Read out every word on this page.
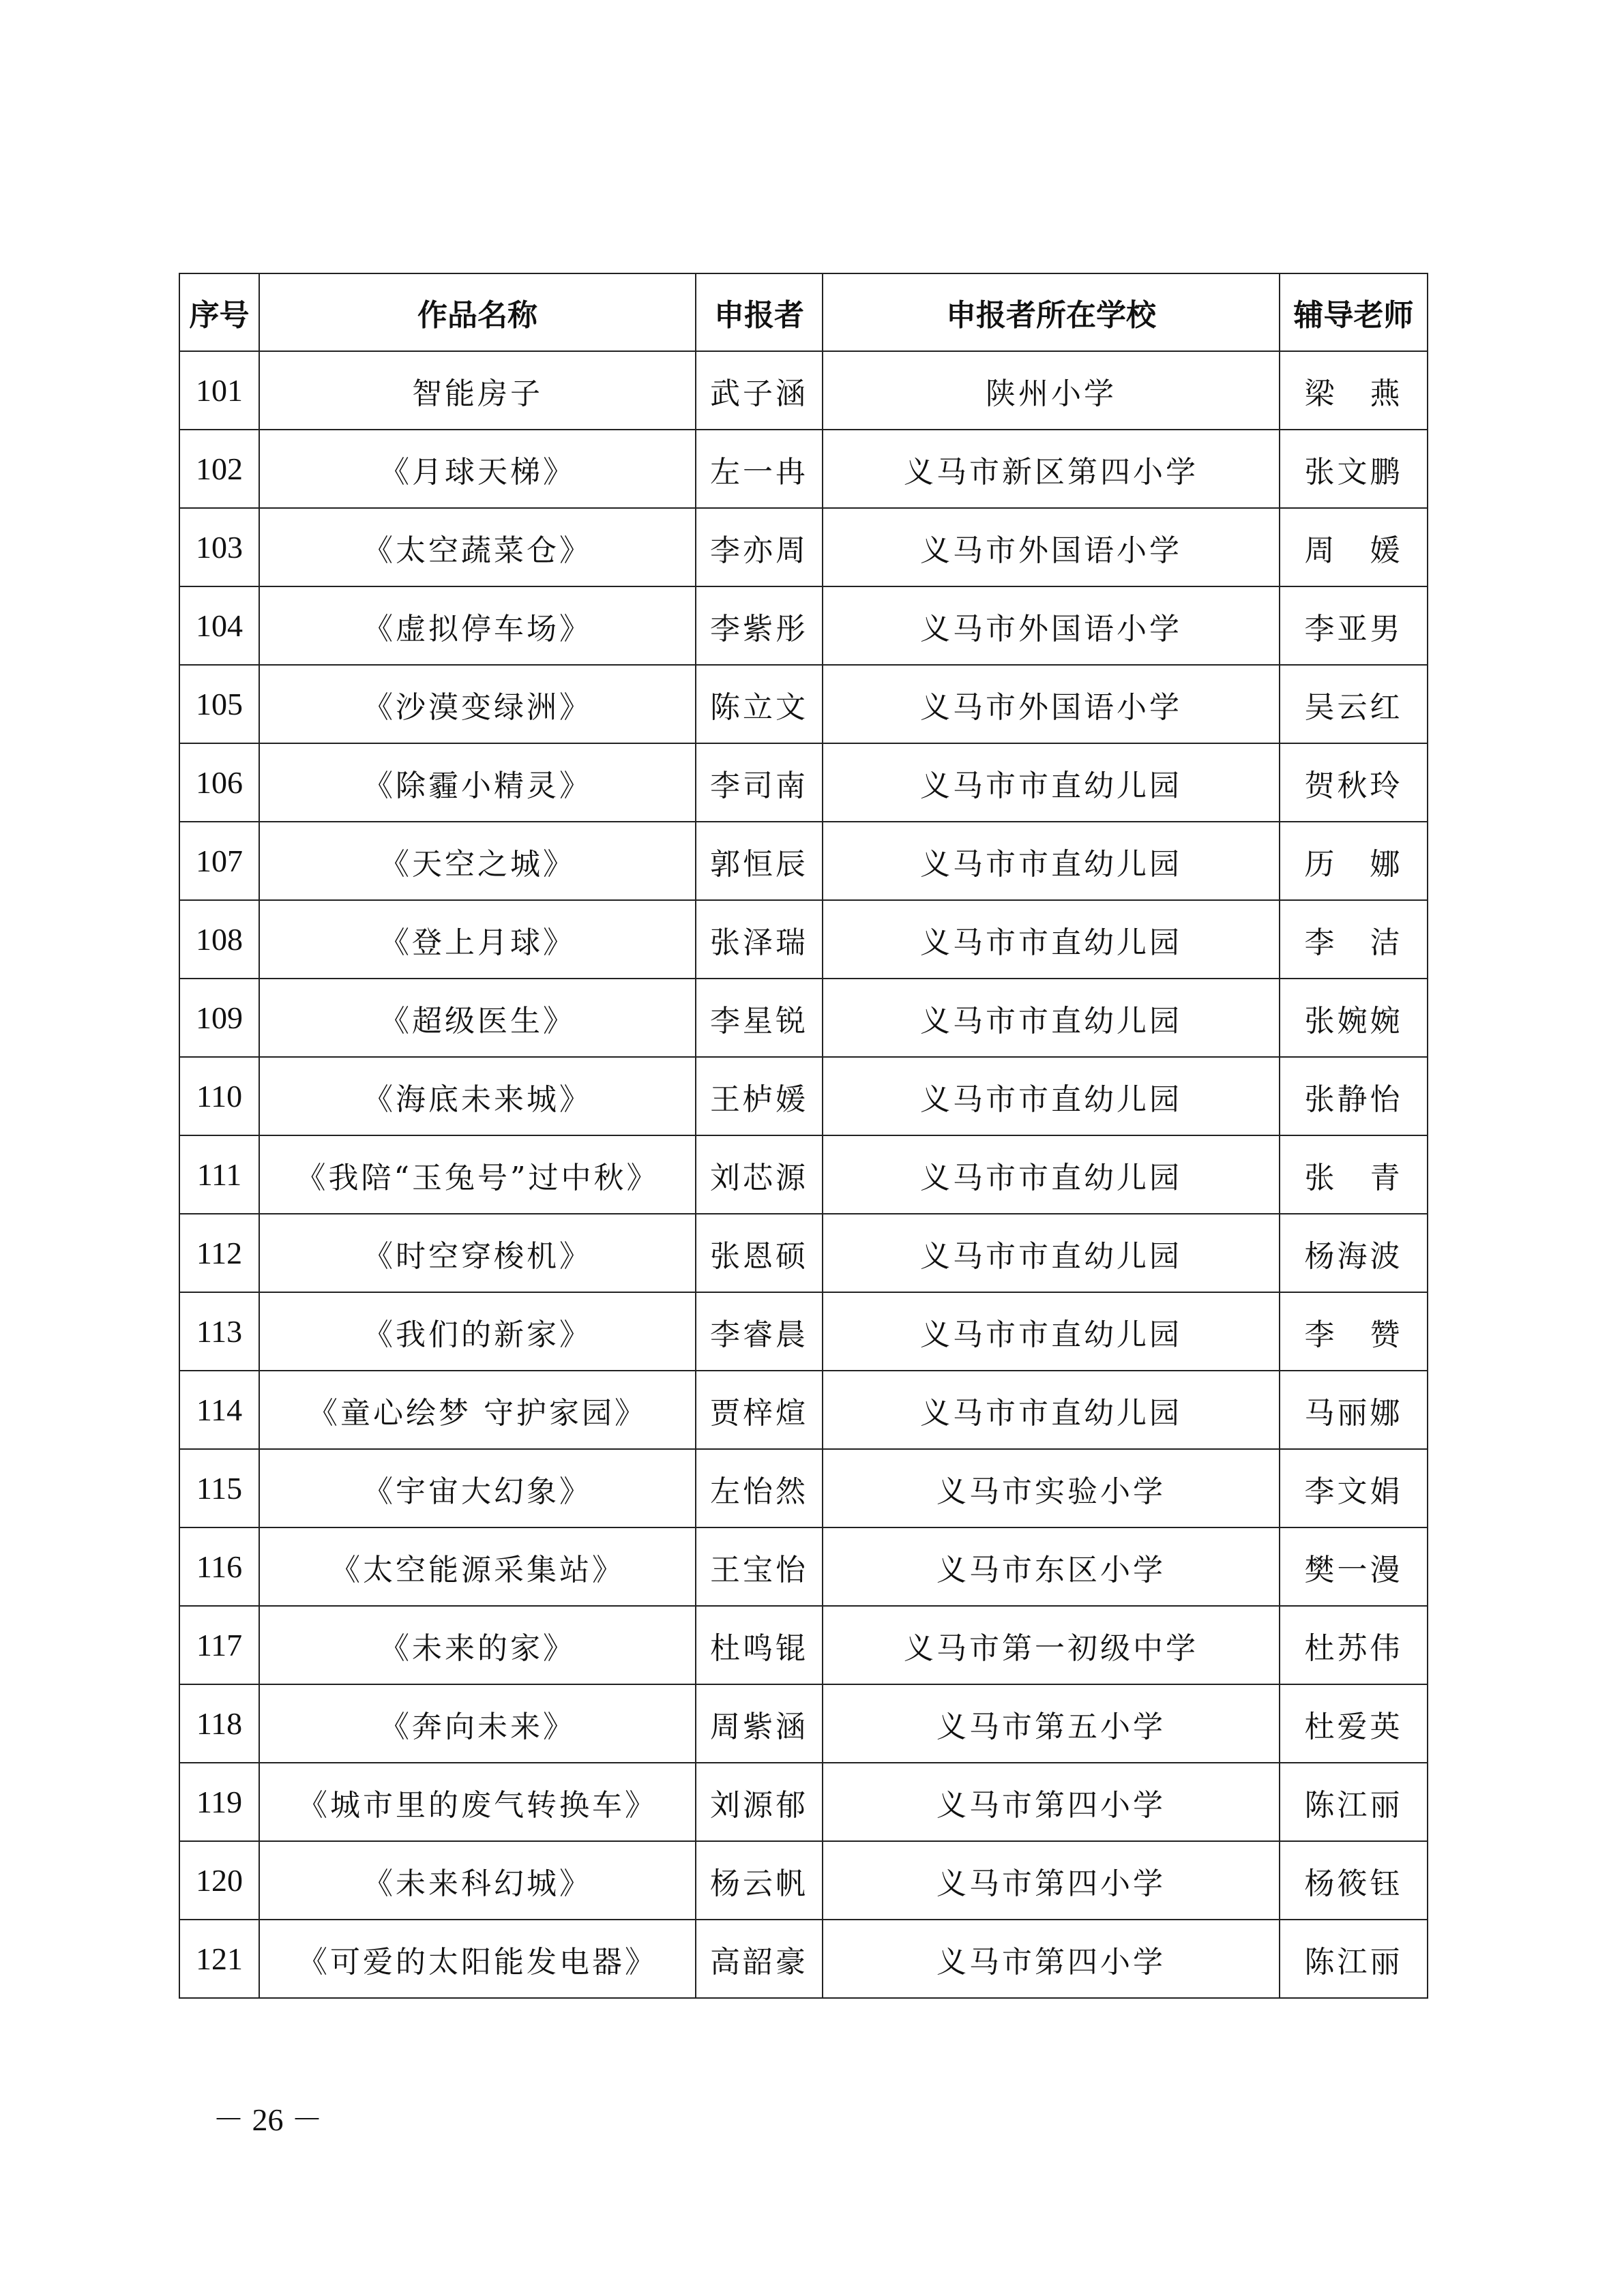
序号	作品名称	申报者	申报者所在学校	辅导老师
101	智能房子	武子涵	陕州小学	梁　燕
102	《月球天梯》	左一冉	义马市新区第四小学	张文鹏
103	《太空蔬菜仓》	李亦周	义马市外国语小学	周　媛
104	《虚拟停车场》	李紫彤	义马市外国语小学	李亚男
105	《沙漠变绿洲》	陈立文	义马市外国语小学	吴云红
106	《除霾小精灵》	李司南	义马市市直幼儿园	贺秋玲
107	《天空之城》	郭恒辰	义马市市直幼儿园	历　娜
108	《登上月球》	张泽瑞	义马市市直幼儿园	李　洁
109	《超级医生》	李星锐	义马市市直幼儿园	张婉婉
110	《海底未来城》	王栌媛	义马市市直幼儿园	张静怡
111	《我陪“玉兔号”过中秋》	刘芯源	义马市市直幼儿园	张　青
112	《时空穿梭机》	张恩硕	义马市市直幼儿园	杨海波
113	《我们的新家》	李睿晨	义马市市直幼儿园	李　赞
114	《童心绘梦 守护家园》	贾梓煊	义马市市直幼儿园	马丽娜
115	《宇宙大幻象》	左怡然	义马市实验小学	李文娟
116	《太空能源采集站》	王宝怡	义马市东区小学	樊一漫
117	《未来的家》	杜鸣锟	义马市第一初级中学	杜苏伟
118	《奔向未来》	周紫涵	义马市第五小学	杜爱英
119	《城市里的废气转换车》	刘源郁	义马市第四小学	陈江丽
120	《未来科幻城》	杨云帆	义马市第四小学	杨筱钰
121	《可爱的太阳能发电器》	高韶豪	义马市第四小学	陈江丽
－ 26 －
